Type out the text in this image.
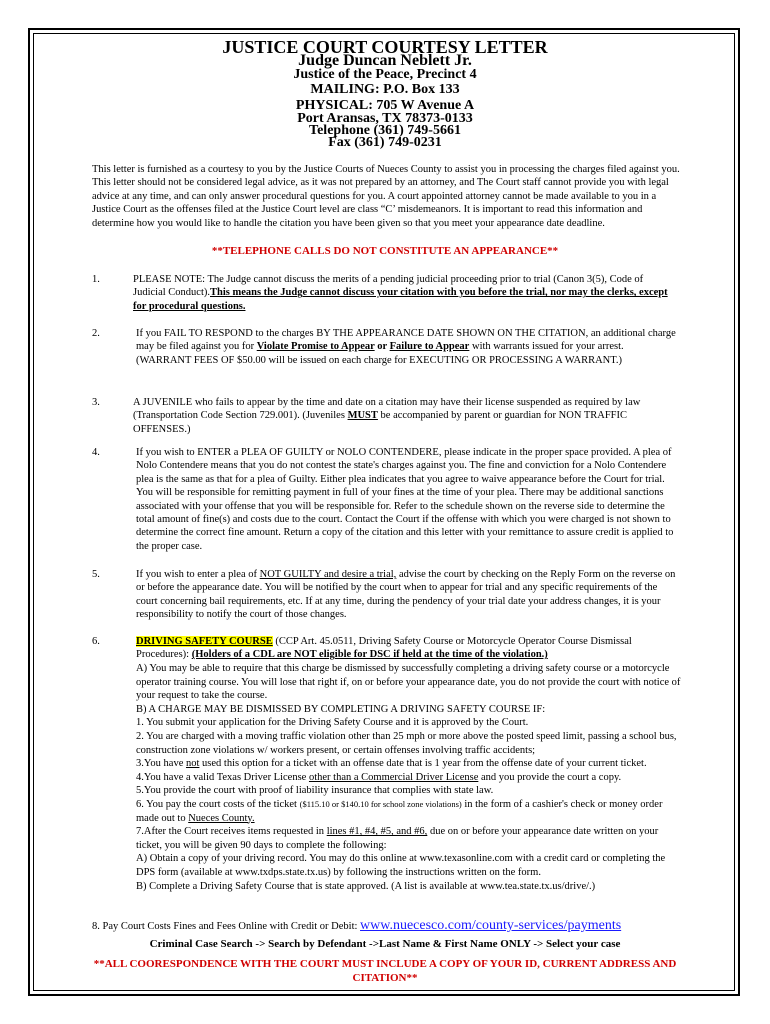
JUSTICE COURT COURTESY LETTER
Judge Duncan Neblett Jr.
Justice of the Peace, Precinct 4
MAILING: P.O. Box 133
PHYSICAL: 705 W Avenue A
Port Aransas, TX 78373-0133
Telephone (361) 749-5661
Fax (361) 749-0231
This letter is furnished as a courtesy to you by the Justice Courts of Nueces County to assist you in processing the charges filed against you. This letter should not be considered legal advice, as it was not prepared by an attorney, and The Court staff cannot provide you with legal advice at any time, and can only answer procedural questions for you. A court appointed attorney cannot be made available to you in a Justice Court as the offenses filed at the Justice Court level are class “C’ misdemeanors. It is important to read this information and determine how you would like to handle the citation you have been given so that you meet your appearance date deadline.
**TELEPHONE CALLS DO NOT CONSTITUTE AN APPEARANCE**
1.	PLEASE NOTE: The Judge cannot discuss the merits of a pending judicial proceeding prior to trial (Canon 3(5), Code of Judicial Conduct).This means the Judge cannot discuss your citation with you before the trial, nor may the clerks, except for procedural questions.
2.	If you FAIL TO RESPOND to the charges BY THE APPEARANCE DATE SHOWN ON THE CITATION, an additional charge may be filed against you for Violate Promise to Appear or Failure to Appear with warrants issued for your arrest. (WARRANT FEES OF $50.00 will be issued on each charge for EXECUTING OR PROCESSING A WARRANT.)
3.	A JUVENILE who fails to appear by the time and date on a citation may have their license suspended as required by law (Transportation Code Section 729.001). (Juveniles MUST be accompanied by parent or guardian for NON TRAFFIC OFFENSES.)
4.	If you wish to ENTER a PLEA OF GUILTY or NOLO CONTENDERE, please indicate in the proper space provided. A plea of Nolo Contendere means that you do not contest the state's charges against you. The fine and conviction for a Nolo Contendere plea is the same as that for a plea of Guilty. Either plea indicates that you agree to waive appearance before the Court for trial. You will be responsible for remitting payment in full of your fines at the time of your plea. There may be additional sanctions associated with your offense that you will be responsible for. Refer to the schedule shown on the reverse side to determine the total amount of fine(s) and costs due to the court. Contact the Court if the offense with which you were charged is not shown to determine the correct fine amount. Return a copy of the citation and this letter with your remittance to assure credit is applied to the proper case.
5.	If you wish to enter a plea of NOT GUILTY and desire a trial, advise the court by checking on the Reply Form on the reverse on or before the appearance date. You will be notified by the court when to appear for trial and any specific requirements of the court concerning bail requirements, etc. If at any time, during the pendency of your trial date your address changes, it is your responsibility to notify the court of those changes.
6.	DRIVING SAFETY COURSE (CCP Art. 45.0511, Driving Safety Course or Motorcycle Operator Course Dismissal Procedures): (Holders of a CDL are NOT eligible for DSC if held at the time of the violation.)
A) You may be able to require that this charge be dismissed by successfully completing a driving safety course or a motorcycle operator training course. You will lose that right if, on or before your appearance date, you do not provide the court with notice of your request to take the course.
B) A CHARGE MAY BE DISMISSED BY COMPLETING A DRIVING SAFETY COURSE IF:
1. You submit your application for the Driving Safety Course and it is approved by the Court.
2. You are charged with a moving traffic violation other than 25 mph or more above the posted speed limit, passing a school bus, construction zone violations w/ workers present, or certain offenses involving traffic accidents;
3.You have not used this option for a ticket with an offense date that is 1 year from the offense date of your current ticket.
4.You have a valid Texas Driver License other than a Commercial Driver License and you provide the court a copy.
5.You provide the court with proof of liability insurance that complies with state law.
6. You pay the court costs of the ticket ($115.10 or $140.10 for school zone violations) in the form of a cashier's check or money order made out to Nueces County.
7.After the Court receives items requested in lines #1, #4, #5, and #6, due on or before your appearance date written on your ticket, you will be given 90 days to complete the following:
A) Obtain a copy of your driving record. You may do this online at www.texasonline.com with a credit card or completing the DPS form (available at www.txdps.state.tx.us) by following the instructions written on the form.
B) Complete a Driving Safety Course that is state approved. (A list is available at www.tea.state.tx.us/drive/.)
8. Pay Court Costs Fines and Fees Online with Credit or Debit: www.nuecesco.com/county-services/payments
Criminal Case Search -> Search by Defendant ->Last Name & First Name ONLY -> Select your case
**ALL COORESPONDENCE WITH THE COURT MUST INCLUDE A COPY OF YOUR ID, CURRENT ADDRESS AND CITATION**
